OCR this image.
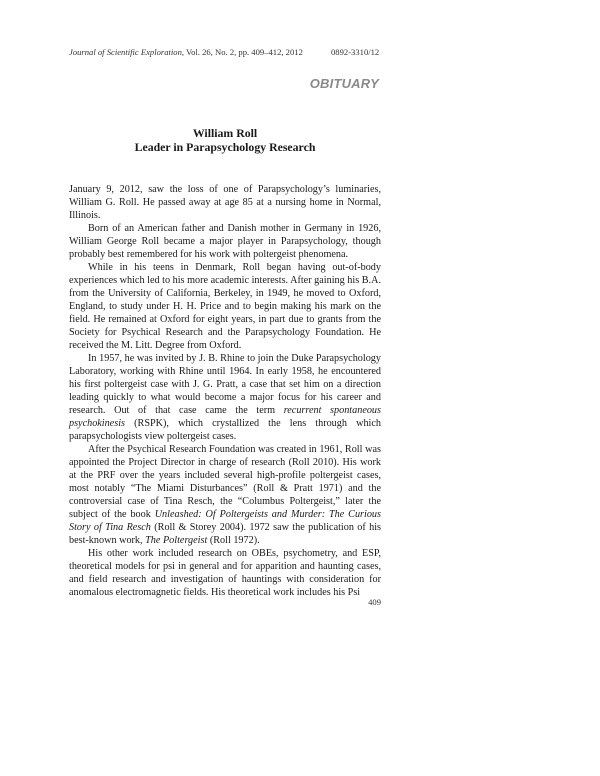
Journal of Scientific Exploration, Vol. 26, No. 2, pp. 409–412, 2012	0892-3310/12
OBITUARY
William Roll
Leader in Parapsychology Research

January 9, 2012, saw the loss of one of Parapsychology’s luminaries, William G. Roll. He passed away at age 85 at a nursing home in Normal, Illinois.

Born of an American father and Danish mother in Germany in 1926, William George Roll became a major player in Parapsychology, though probably best remembered for his work with poltergeist phenomena.

While in his teens in Denmark, Roll began having out-of-body experiences which led to his more academic interests. After gaining his B.A. from the University of California, Berkeley, in 1949, he moved to Oxford, England, to study under H. H. Price and to begin making his mark on the field. He remained at Oxford for eight years, in part due to grants from the Society for Psychical Research and the Parapsychology Foundation. He received the M. Litt. Degree from Oxford.

In 1957, he was invited by J. B. Rhine to join the Duke Parapsychology Laboratory, working with Rhine until 1964. In early 1958, he encountered his first poltergeist case with J. G. Pratt, a case that set him on a direction leading quickly to what would become a major focus for his career and research. Out of that case came the term recurrent spontaneous psychokinesis (RSPK), which crystallized the lens through which parapsychologists view poltergeist cases.

After the Psychical Research Foundation was created in 1961, Roll was appointed the Project Director in charge of research (Roll 2010). His work at the PRF over the years included several high-profile poltergeist cases, most notably “The Miami Disturbances” (Roll & Pratt 1971) and the controversial case of Tina Resch, the “Columbus Poltergeist,” later the subject of the book Unleashed: Of Poltergeists and Murder: The Curious Story of Tina Resch (Roll & Storey 2004). 1972 saw the publication of his best-known work, The Poltergeist (Roll 1972).

His other work included research on OBEs, psychometry, and ESP, theoretical models for psi in general and for apparition and haunting cases, and field research and investigation of hauntings with consideration for anomalous electromagnetic fields. His theoretical work includes his Psi

409
